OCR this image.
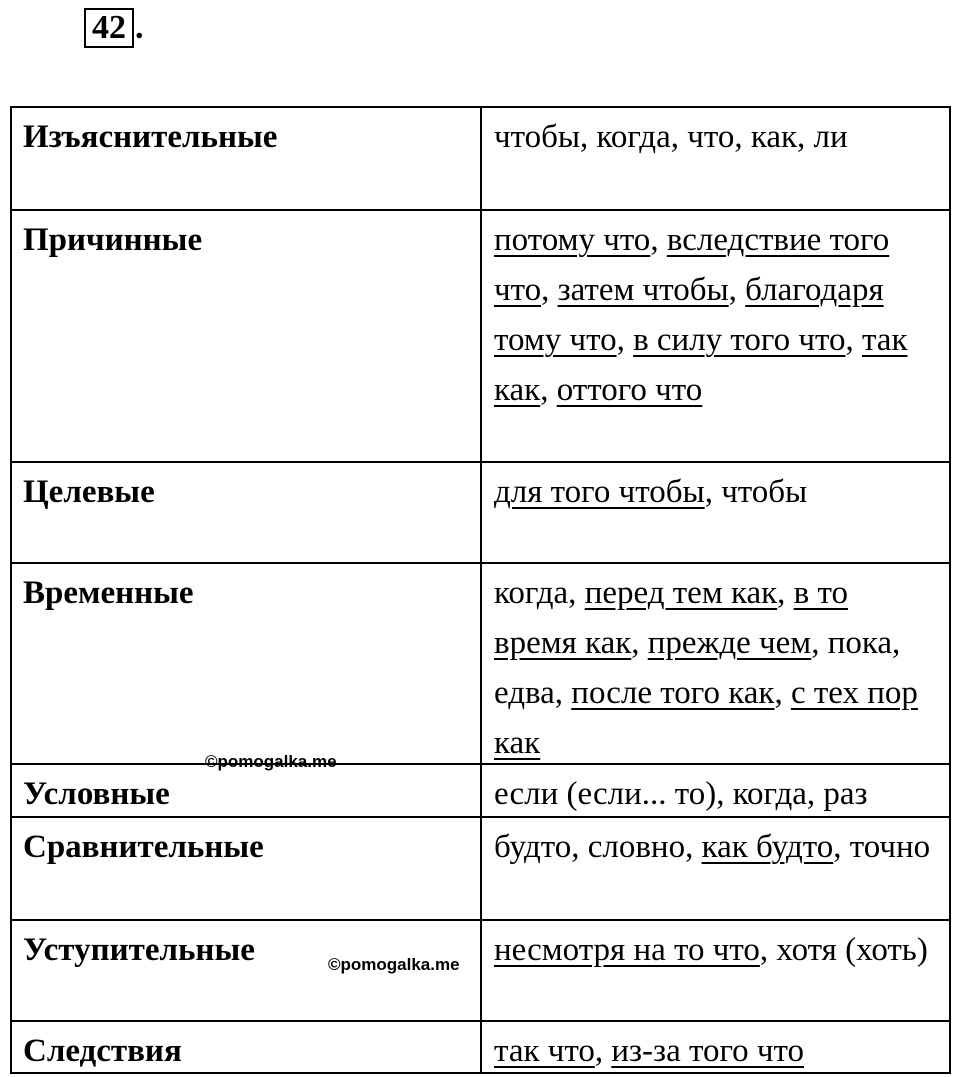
42 .
Изъяснительные	чтобы, когда, что, как, ли
Причинные	потому что, вследствие того что, затем чтобы, благодаря тому что, в силу того что, так как, оттого что
Целевые	для того чтобы, чтобы
Временные	когда, перед тем как, в то время как, прежде чем, пока, едва, после того как, с тех пор как
Условные	если (если... то), когда, раз
Сравнительные	будто, словно, как будто, точно
Уступительные	несмотря на то что, хотя (хоть)
Следствия	так что, из-за того что
©pomogalka.me
©pomogalka.me
